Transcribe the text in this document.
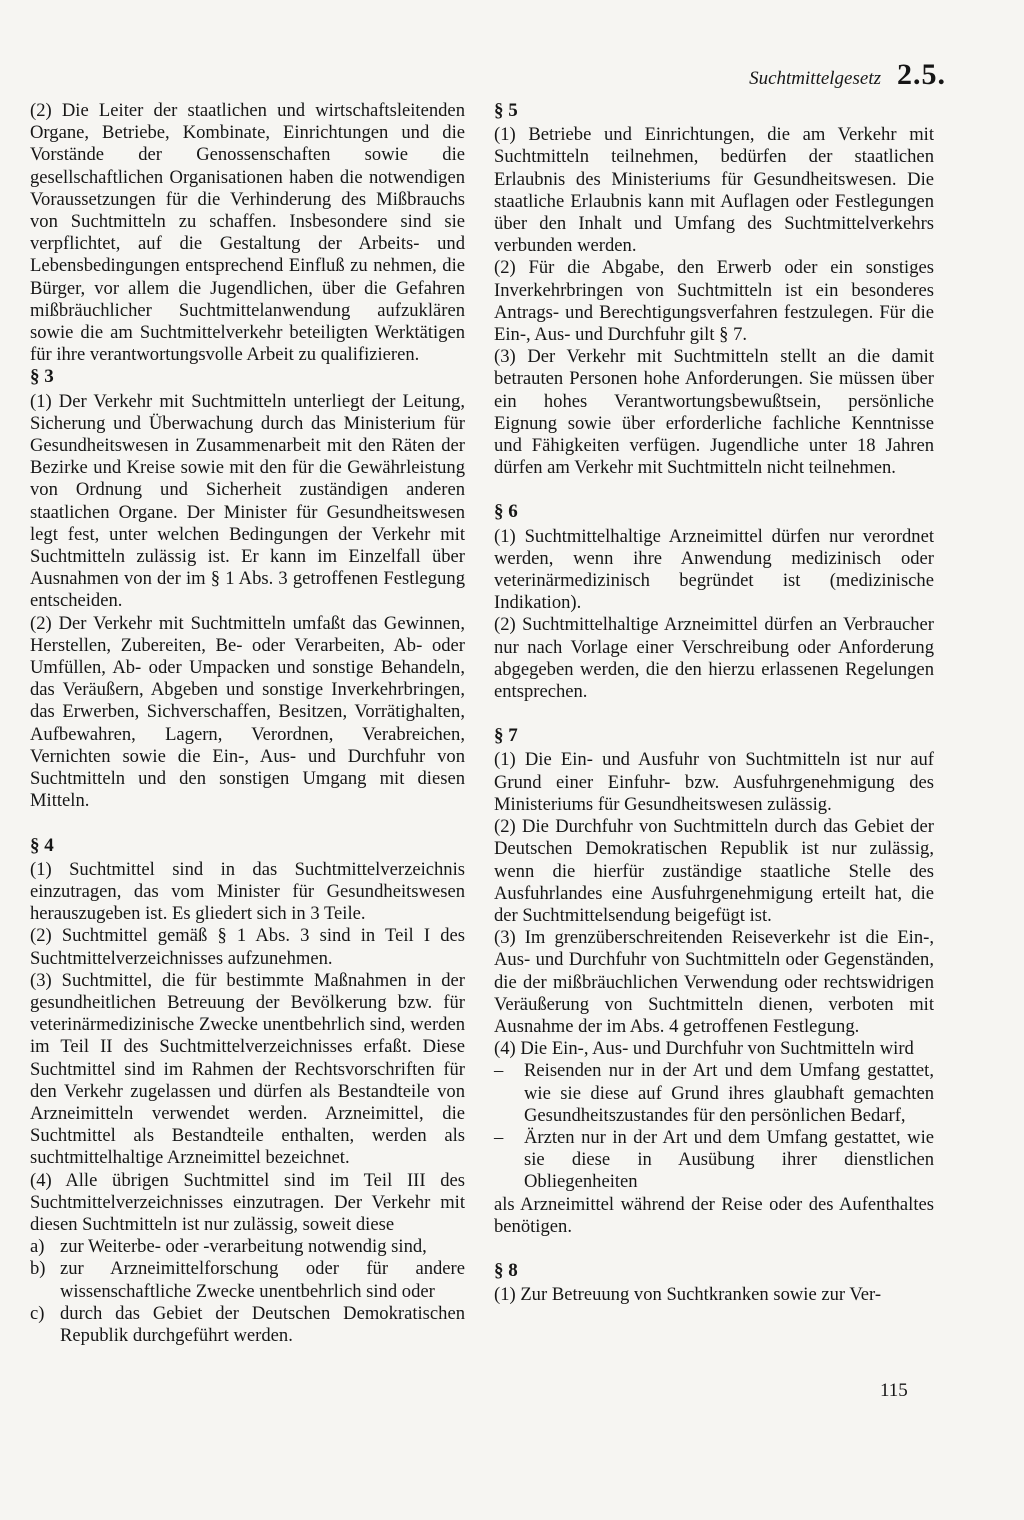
Suchtmittelgesetz 2.5.

(2) Die Leiter der staatlichen und wirtschaftsleitenden Organe, Betriebe, Kombinate, Einrichtungen und die Vorstände der Genossenschaften sowie die gesellschaftlichen Organisationen haben die notwendigen Voraussetzungen für die Verhinderung des Mißbrauchs von Suchtmitteln zu schaffen. Insbesondere sind sie verpflichtet, auf die Gestaltung der Arbeits- und Lebensbedingungen entsprechend Einfluß zu nehmen, die Bürger, vor allem die Jugendlichen, über die Gefahren mißbräuchlicher Suchtmittelanwendung aufzuklären sowie die am Suchtmittelverkehr beteiligten Werktätigen für ihre verantwortungsvolle Arbeit zu qualifizieren.

§ 3

(1) Der Verkehr mit Suchtmitteln unterliegt der Leitung, Sicherung und Überwachung durch das Ministerium für Gesundheitswesen in Zusammenarbeit mit den Räten der Bezirke und Kreise sowie mit den für die Gewährleistung von Ordnung und Sicherheit zuständigen anderen staatlichen Organe. Der Minister für Gesundheitswesen legt fest, unter welchen Bedingungen der Verkehr mit Suchtmitteln zulässig ist. Er kann im Einzelfall über Ausnahmen von der im § 1 Abs. 3 getroffenen Festlegung entscheiden.

(2) Der Verkehr mit Suchtmitteln umfaßt das Gewinnen, Herstellen, Zubereiten, Be- oder Verarbeiten, Ab- oder Umfüllen, Ab- oder Umpacken und sonstige Behandeln, das Veräußern, Abgeben und sonstige Inverkehrbringen, das Erwerben, Sichverschaffen, Besitzen, Vorrätighalten, Aufbewahren, Lagern, Verordnen, Verabreichen, Vernichten sowie die Ein-, Aus- und Durchfuhr von Suchtmitteln und den sonstigen Umgang mit diesen Mitteln.

§ 4

(1) Suchtmittel sind in das Suchtmittelverzeichnis einzutragen, das vom Minister für Gesundheitswesen herauszugeben ist. Es gliedert sich in 3 Teile.

(2) Suchtmittel gemäß § 1 Abs. 3 sind in Teil I des Suchtmittelverzeichnisses aufzunehmen.

(3) Suchtmittel, die für bestimmte Maßnahmen in der gesundheitlichen Betreuung der Bevölkerung bzw. für veterinärmedizinische Zwecke unentbehrlich sind, werden im Teil II des Suchtmittelverzeichnisses erfaßt. Diese Suchtmittel sind im Rahmen der Rechtsvorschriften für den Verkehr zugelassen und dürfen als Bestandteile von Arzneimitteln verwendet werden. Arzneimittel, die Suchtmittel als Bestandteile enthalten, werden als suchtmittelhaltige Arzneimittel bezeichnet.

(4) Alle übrigen Suchtmittel sind im Teil III des Suchtmittelverzeichnisses einzutragen. Der Verkehr mit diesen Suchtmitteln ist nur zulässig, soweit diese

a) zur Weiterbe- oder -verarbeitung notwendig sind,
b) zur Arzneimittelforschung oder für andere wissenschaftliche Zwecke unentbehrlich sind oder
c) durch das Gebiet der Deutschen Demokratischen Republik durchgeführt werden.
§ 5

(1) Betriebe und Einrichtungen, die am Verkehr mit Suchtmitteln teilnehmen, bedürfen der staatlichen Erlaubnis des Ministeriums für Gesundheitswesen. Die staatliche Erlaubnis kann mit Auflagen oder Festlegungen über den Inhalt und Umfang des Suchtmittelverkehrs verbunden werden.

(2) Für die Abgabe, den Erwerb oder ein sonstiges Inverkehrbringen von Suchtmitteln ist ein besonderes Antrags- und Berechtigungsverfahren festzulegen. Für die Ein-, Aus- und Durchfuhr gilt § 7.

(3) Der Verkehr mit Suchtmitteln stellt an die damit betrauten Personen hohe Anforderungen. Sie müssen über ein hohes Verantwortungsbewußtsein, persönliche Eignung sowie über erforderliche fachliche Kenntnisse und Fähigkeiten verfügen. Jugendliche unter 18 Jahren dürfen am Verkehr mit Suchtmitteln nicht teilnehmen.

§ 6

(1) Suchtmittelhaltige Arzneimittel dürfen nur verordnet werden, wenn ihre Anwendung medizinisch oder veterinärmedizinisch begründet ist (medizinische Indikation).

(2) Suchtmittelhaltige Arzneimittel dürfen an Verbraucher nur nach Vorlage einer Verschreibung oder Anforderung abgegeben werden, die den hierzu erlassenen Regelungen entsprechen.

§ 7

(1) Die Ein- und Ausfuhr von Suchtmitteln ist nur auf Grund einer Einfuhr- bzw. Ausfuhrgenehmigung des Ministeriums für Gesundheitswesen zulässig.

(2) Die Durchfuhr von Suchtmitteln durch das Gebiet der Deutschen Demokratischen Republik ist nur zulässig, wenn die hierfür zuständige staatliche Stelle des Ausfuhrlandes eine Ausfuhrgenehmigung erteilt hat, die der Suchtmittelsendung beigefügt ist.

(3) Im grenzüberschreitenden Reiseverkehr ist die Ein-, Aus- und Durchfuhr von Suchtmitteln oder Gegenständen, die der mißbräuchlichen Verwendung oder rechtswidrigen Veräußerung von Suchtmitteln dienen, verboten mit Ausnahme der im Abs. 4 getroffenen Festlegung.

(4) Die Ein-, Aus- und Durchfuhr von Suchtmitteln wird

–	Reisenden nur in der Art und dem Umfang gestattet, wie sie diese auf Grund ihres glaubhaft gemachten Gesundheitszustandes für den persönlichen Bedarf,
–	Ärzten nur in der Art und dem Umfang gestattet, wie sie diese in Ausübung ihrer dienstlichen Obliegenheiten

als Arzneimittel während der Reise oder des Aufenthaltes benötigen.

§ 8

(1) Zur Betreuung von Suchtkranken sowie zur Ver-

115
